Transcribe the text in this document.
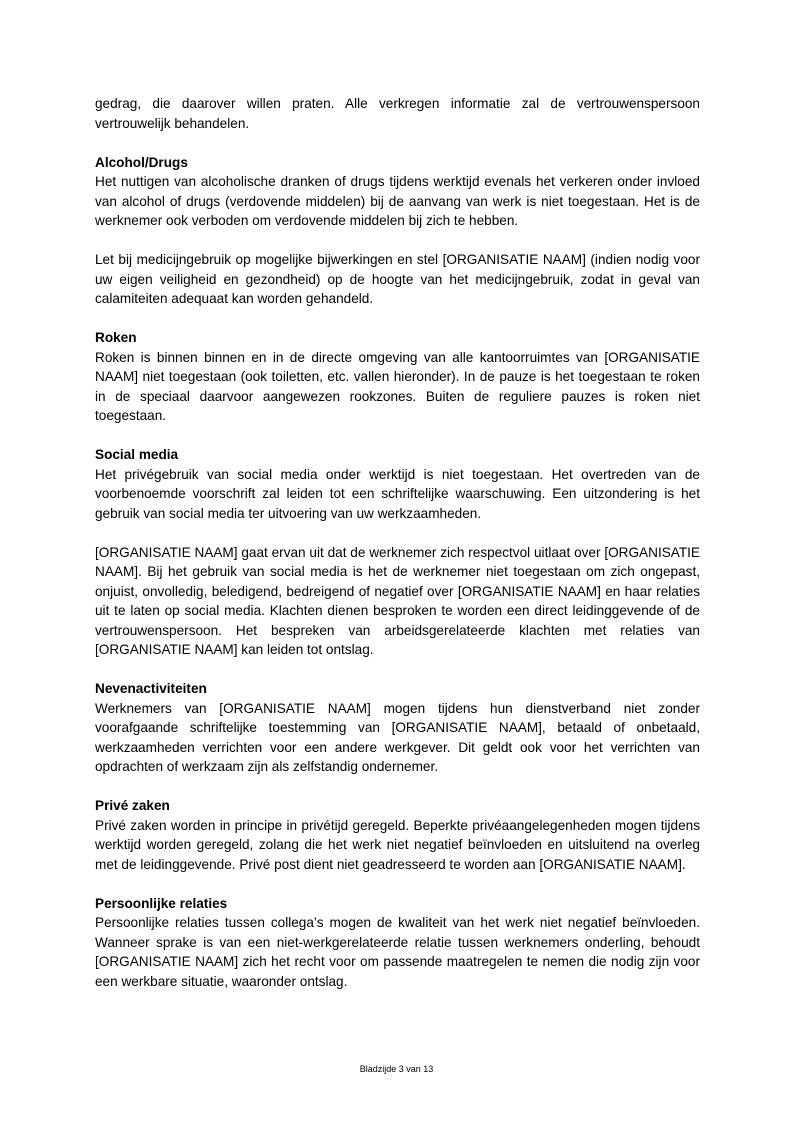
gedrag, die daarover willen praten. Alle verkregen informatie zal de vertrouwenspersoon vertrouwelijk behandelen.

Alcohol/Drugs

Het nuttigen van alcoholische dranken of drugs tijdens werktijd evenals het verkeren onder invloed van alcohol of drugs (verdovende middelen) bij de aanvang van werk is niet toegestaan. Het is de werknemer ook verboden om verdovende middelen bij zich te hebben.

Let bij medicijngebruik op mogelijke bijwerkingen en stel [ORGANISATIE NAAM] (indien nodig voor uw eigen veiligheid en gezondheid) op de hoogte van het medicijngebruik, zodat in geval van calamiteiten adequaat kan worden gehandeld.

Roken

Roken is binnen binnen en in de directe omgeving van alle kantoorruimtes van [ORGANISATIE NAAM] niet toegestaan (ook toiletten, etc. vallen hieronder). In de pauze is het toegestaan te roken in de speciaal daarvoor aangewezen rookzones. Buiten de reguliere pauzes is roken niet toegestaan.

Social media

Het privégebruik van social media onder werktijd is niet toegestaan. Het overtreden van de voorbenoemde voorschrift zal leiden tot een schriftelijke waarschuwing. Een uitzondering is het gebruik van social media ter uitvoering van uw werkzaamheden.

[ORGANISATIE NAAM] gaat ervan uit dat de werknemer zich respectvol uitlaat over [ORGANISATIE NAAM]. Bij het gebruik van social media is het de werknemer niet toegestaan om zich ongepast, onjuist, onvolledig, beledigend, bedreigend of negatief over [ORGANISATIE NAAM] en haar relaties uit te laten op social media. Klachten dienen besproken te worden een direct leidinggevende of de vertrouwenspersoon. Het bespreken van arbeidsgerelateerde klachten met relaties van [ORGANISATIE NAAM] kan leiden tot ontslag.

Nevenactiviteiten

Werknemers van [ORGANISATIE NAAM] mogen tijdens hun dienstverband niet zonder voorafgaande schriftelijke toestemming van [ORGANISATIE NAAM], betaald of onbetaald, werkzaamheden verrichten voor een andere werkgever. Dit geldt ook voor het verrichten van opdrachten of werkzaam zijn als zelfstandig ondernemer.

Privé zaken

Privé zaken worden in principe in privétijd geregeld. Beperkte privéaangelegenheden mogen tijdens werktijd worden geregeld, zolang die het werk niet negatief beïnvloeden en uitsluitend na overleg met de leidinggevende. Privé post dient niet geadresseerd te worden aan [ORGANISATIE NAAM].

Persoonlijke relaties

Persoonlijke relaties tussen collega’s mogen de kwaliteit van het werk niet negatief beïnvloeden. Wanneer sprake is van een niet-werkgerelateerde relatie tussen werknemers onderling, behoudt [ORGANISATIE NAAM] zich het recht voor om passende maatregelen te nemen die nodig zijn voor een werkbare situatie, waaronder ontslag.

Bladzijde 3 van 13
